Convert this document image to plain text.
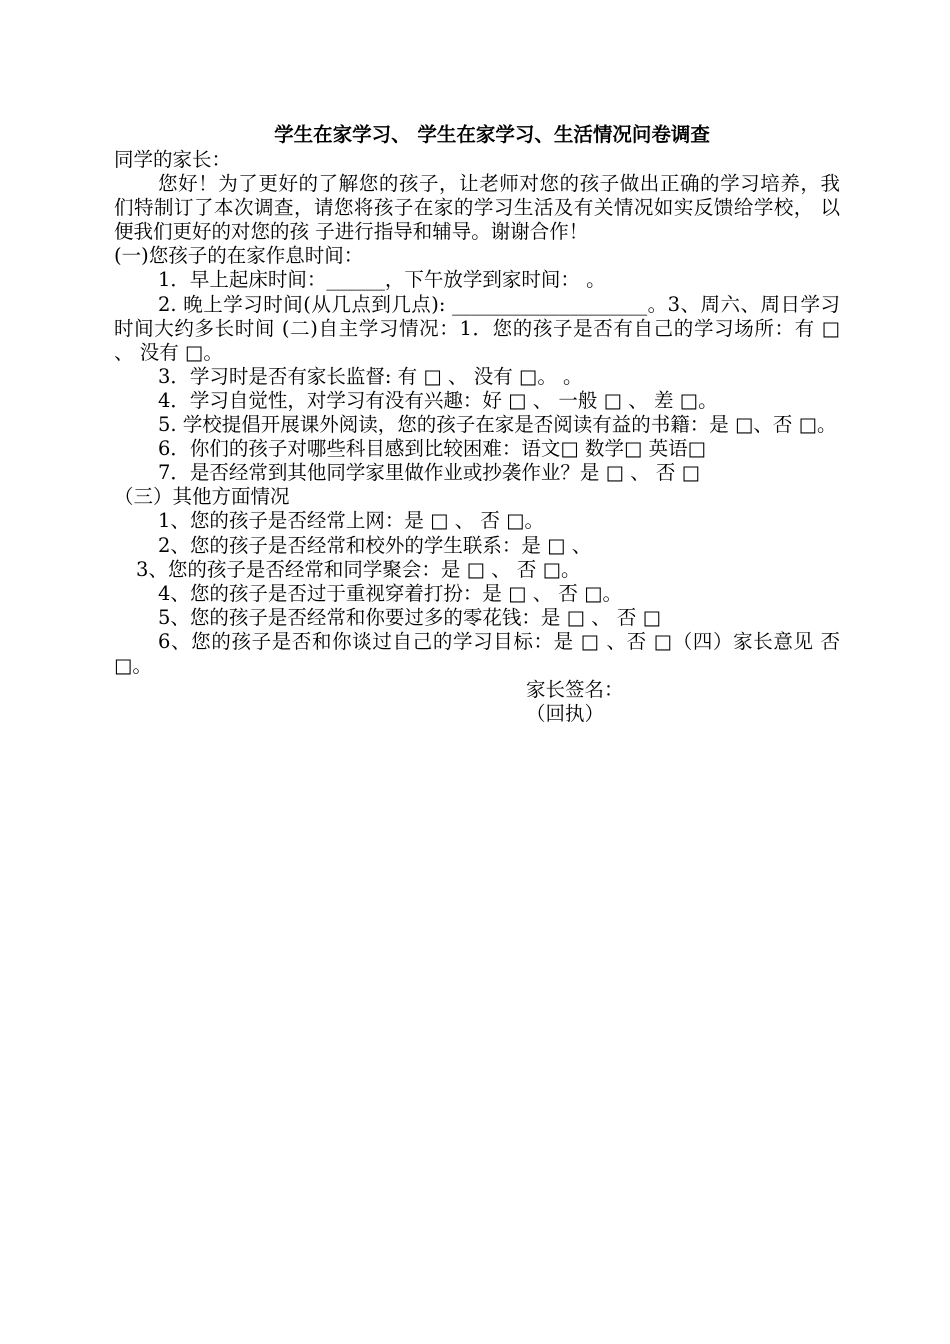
学生在家学习、 学生在家学习、生活情况问卷调查

同学的家长：

您好！为了更好的了解您的孩子，让老师对您的孩子做出正确的学习培养，我们特制订了本次调查，请您将孩子在家的学习生活及有关情况如实反馈给学校， 以便我们更好的对您的孩 子进行指导和辅导。谢谢合作！

(一)您孩子的在家作息时间：

1．早上起床时间：______，下午放学到家时间： 。

2. 晚上学习时间(从几点到几点): ____________________。3、周六、周日学习时间大约多长时间 (二)自主学习情况：1．您的孩子是否有自己的学习场所：有 □ 、 没有 □。

3．学习时是否有家长监督: 有 □ 、 没有 □。 。

4．学习自觉性，对学习有没有兴趣：好 □ 、 一般 □ 、 差 □。

5. 学校提倡开展课外阅读，您的孩子在家是否阅读有益的书籍：是 □、否 □。

6．你们的孩子对哪些科目感到比较困难：语文□ 数学□ 英语□

7．是否经常到其他同学家里做作业或抄袭作业？是 □ 、 否 □

（三）其他方面情况

1、您的孩子是否经常上网：是 □ 、 否 □。

2、您的孩子是否经常和校外的学生联系：是 □ 、

3、您的孩子是否经常和同学聚会：是 □ 、 否 □。

4、您的孩子是否过于重视穿着打扮：是 □ 、 否 □。

5、您的孩子是否经常和你要过多的零花钱：是 □ 、 否 □

6、您的孩子是否和你谈过自己的学习目标：是 □ 、否 □（四）家长意见 否 □。

家长签名：

（回执）
